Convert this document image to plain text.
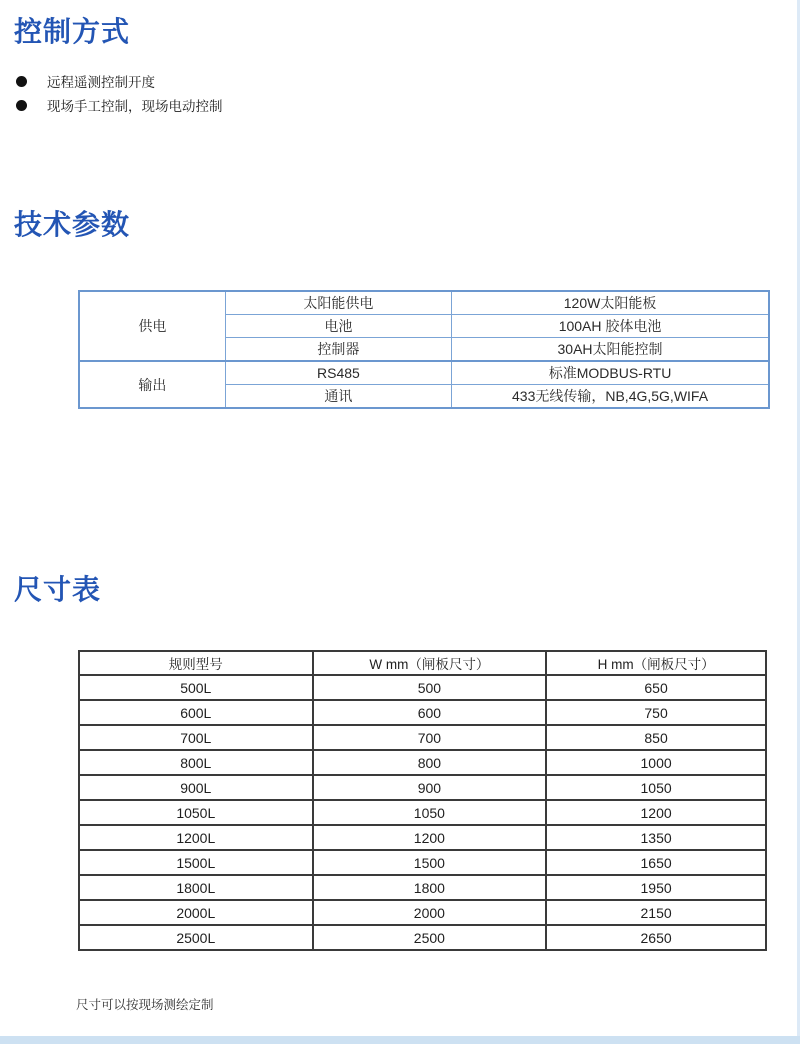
控制方式
远程遥测控制开度
现场手工控制，现场电动控制
技术参数
供电	太阳能供电	120W太阳能板
	电池	100AH 胶体电池
	控制器	30AH太阳能控制
输出	RS485	标准MODBUS-RTU
	通讯	433无线传输，NB,4G,5G,WIFA
尺寸表
规则型号	W mm（闸板尺寸）	H mm（闸板尺寸）
500L	500	650
600L	600	750
700L	700	850
800L	800	1000
900L	900	1050
1050L	1050	1200
1200L	1200	1350
1500L	1500	1650
1800L	1800	1950
2000L	2000	2150
2500L	2500	2650
尺寸可以按现场测绘定制
